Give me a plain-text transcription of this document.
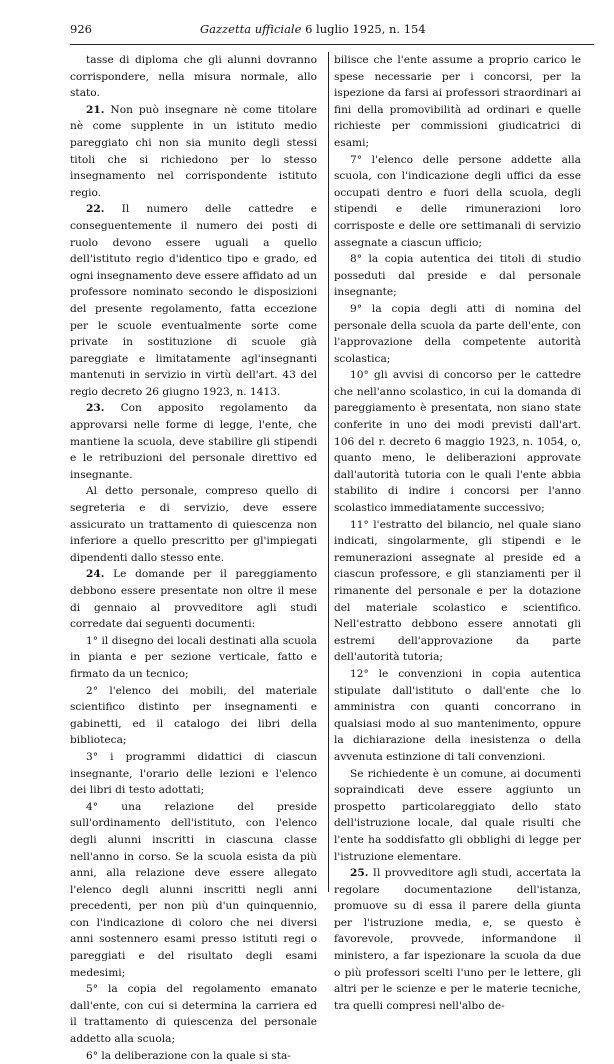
926	Gazzetta ufficiale 6 luglio 1925, n. 154

tasse di diploma che gli alunni dovranno corrispondere, nella misura normale, allo stato.

21. Non può insegnare nè come titolare nè come supplente in un istituto medio pareggiato chi non sia munito degli stessi titoli che si richiedono per lo stesso insegnamento nel corrispondente istituto regio.

22. Il numero delle cattedre e conseguentemente il numero dei posti di ruolo devono essere uguali a quello dell'istituto regio d'identico tipo e grado, ed ogni insegnamento deve essere affidato ad un professore nominato secondo le disposizioni del presente regolamento, fatta eccezione per le scuole eventualmente sorte come private in sostituzione di scuole già pareggiate e limitatamente agl'insegnanti mantenuti in servizio in virtù dell'art. 43 del regio decreto 26 giugno 1923, n. 1413.

23. Con apposito regolamento da approvarsi nelle forme di legge, l'ente, che mantiene la scuola, deve stabilire gli stipendi e le retribuzioni del personale direttivo ed insegnante.

Al detto personale, compreso quello di segreteria e di servizio, deve essere assicurato un trattamento di quiescenza non inferiore a quello prescritto per gl'impiegati dipendenti dallo stesso ente.

24. Le domande per il pareggiamento debbono essere presentate non oltre il mese di gennaio al provveditore agli studi corredate dai seguenti documenti:

1° il disegno dei locali destinati alla scuola in pianta e per sezione verticale, fatto e firmato da un tecnico;

2° l'elenco dei mobili, del materiale scientifico distinto per insegnamenti e gabinetti, ed il catalogo dei libri della biblioteca;

3° i programmi didattici di ciascun insegnante, l'orario delle lezioni e l'elenco dei libri di testo adottati;

4° una relazione del preside sull'ordinamento dell'istituto, con l'elenco degli alunni inscritti in ciascuna classe nell'anno in corso. Se la scuola esista da più anni, alla relazione deve essere allegato l'elenco degli alunni inscritti negli anni precedenti, per non più d'un quinquennio, con l'indicazione di coloro che nei diversi anni sostennero esami presso istituti regi o pareggiati e del risultato degli esami medesimi;

5° la copia del regolamento emanato dall'ente, con cui si determina la carriera ed il trattamento di quiescenza del personale addetto alla scuola;

6° la deliberazione con la quale si sta-

bilisce che l'ente assume a proprio carico le spese necessarie per i concorsi, per la ispezione da farsi ai professori straordinari ai fini della promovibilità ad ordinari e quelle richieste per commissioni giudicatrici di esami;

7° l'elenco delle persone addette alla scuola, con l'indicazione degli uffici da esse occupati dentro e fuori della scuola, degli stipendi e delle rimunerazioni loro corrisposte e delle ore settimanali di servizio assegnate a ciascun ufficio;

8° la copia autentica dei titoli di studio posseduti dal preside e dal personale insegnante;

9° la copia degli atti di nomina del personale della scuola da parte dell'ente, con l'approvazione della competente autorità scolastica;

10° gli avvisi di concorso per le cattedre che nell'anno scolastico, in cui la domanda di pareggiamento è presentata, non siano state conferite in uno dei modi previsti dall'art. 106 del r. decreto 6 maggio 1923, n. 1054, o, quanto meno, le deliberazioni approvate dall'autorità tutoria con le quali l'ente abbia stabilito di indire i concorsi per l'anno scolastico immediatamente successivo;

11° l'estratto del bilancio, nel quale siano indicati, singolarmente, gli stipendi e le remunerazioni assegnate al preside ed a ciascun professore, e gli stanziamenti per il rimanente del personale e per la dotazione del materiale scolastico e scientifico. Nell'estratto debbono essere annotati gli estremi dell'approvazione da parte dell'autorità tutoria;

12° le convenzioni in copia autentica stipulate dall'istituto o dall'ente che lo amministra con quanti concorrano in qualsiasi modo al suo mantenimento, oppure la dichiarazione della inesistenza o della avvenuta estinzione di tali convenzioni.

Se richiedente è un comune, ai documenti sopraindicati deve essere aggiunto un prospetto particolareggiato dello stato dell'istruzione locale, dal quale risulti che l'ente ha soddisfatto gli obblighi di legge per l'istruzione elementare.

25. Il provveditore agli studi, accertata la regolare documentazione dell'istanza, promuove su di essa il parere della giunta per l'istruzione media, e, se questo è favorevole, provvede, informandone il ministero, a far ispezionare la scuola da due o più professori scelti l'uno per le lettere, gli altri per le scienze e per le materie tecniche, tra quelli compresi nell'albo de-
